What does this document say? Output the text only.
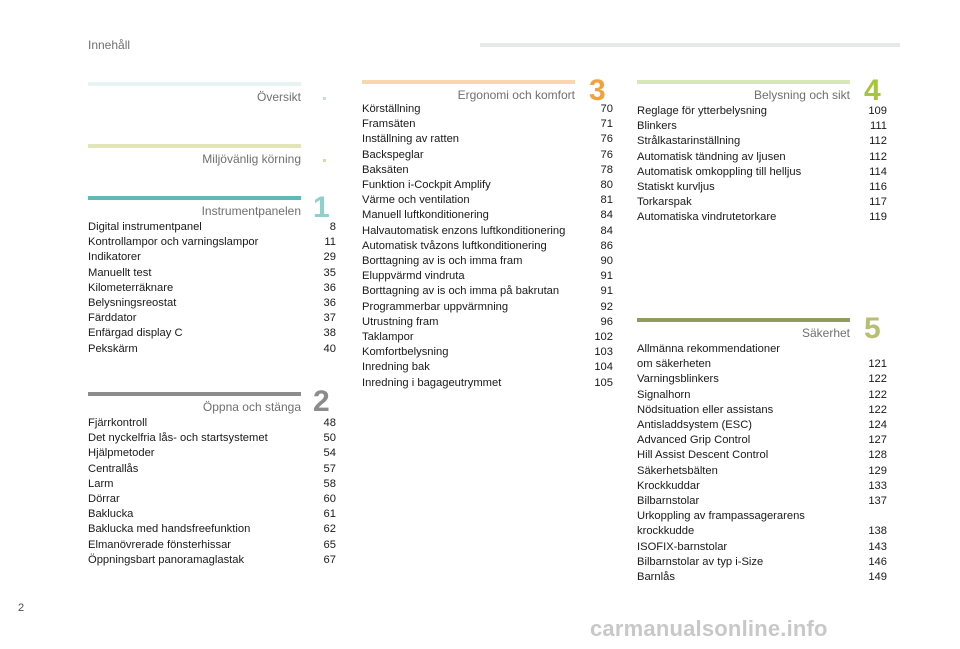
Innehåll
Översikt
Miljövänlig körning
Instrumentpanelen
Digital instrumentpanel	8
Kontrollampor och varningslampor	11
Indikatorer	29
Manuellt test	35
Kilometerräknare	36
Belysningsreostat	36
Färddator	37
Enfärgad display C	38
Pekskärm	40
1
Öppna och stänga
Fjärrkontroll	48
Det nyckelfria lås- och startsystemet	50
Hjälpmetoder	54
Centrallås	57
Larm	58
Dörrar	60
Baklucka	61
Baklucka med handsfreefunktion	62
Elmanövrerade fönsterhissar	65
Öppningsbart panoramaglastak	67
2
Ergonomi och komfort
Körställning	70
Framsäten	71
Inställning av ratten	76
Backspeglar	76
Baksäten	78
Funktion i-Cockpit Amplify	80
Värme och ventilation	81
Manuell luftkonditionering	84
Halvautomatisk enzons luftkonditionering	84
Automatisk tvåzons luftkonditionering	86
Borttagning av is och imma fram	90
Eluppvärmd vindruta	91
Borttagning av is och imma på bakrutan	91
Programmerbar uppvärmning	92
Utrustning fram	96
Taklampor	102
Komfortbelysning	103
Inredning bak	104
Inredning i bagageutrymmet	105
3	Belysning och sikt
Reglage för ytterbelysning	109
Blinkers	111
Strålkastarinställning	112
Automatisk tändning av ljusen	112
Automatisk omkoppling till helljus	114
Statiskt kurvljus	116
Torkarspak	117
Automatiska vindrutetorkare	119
4
Säkerhet
Allmänna rekommendationer
om säkerheten	121
Varningsblinkers	122
Signalhorn	122
Nödsituation eller assistans	122
Antisladdsystem (ESC)	124
Advanced Grip Control	127
Hill Assist Descent Control	128
Säkerhetsbälten	129
Krockkuddar	133
Bilbarnstolar	137
Urkoppling av frampassagerarens
krockkudde	138
ISOFIX-barnstolar	143
Bilbarnstolar av typ i-Size	146
Barnlås	149
5
2
carmanualsonline.info
